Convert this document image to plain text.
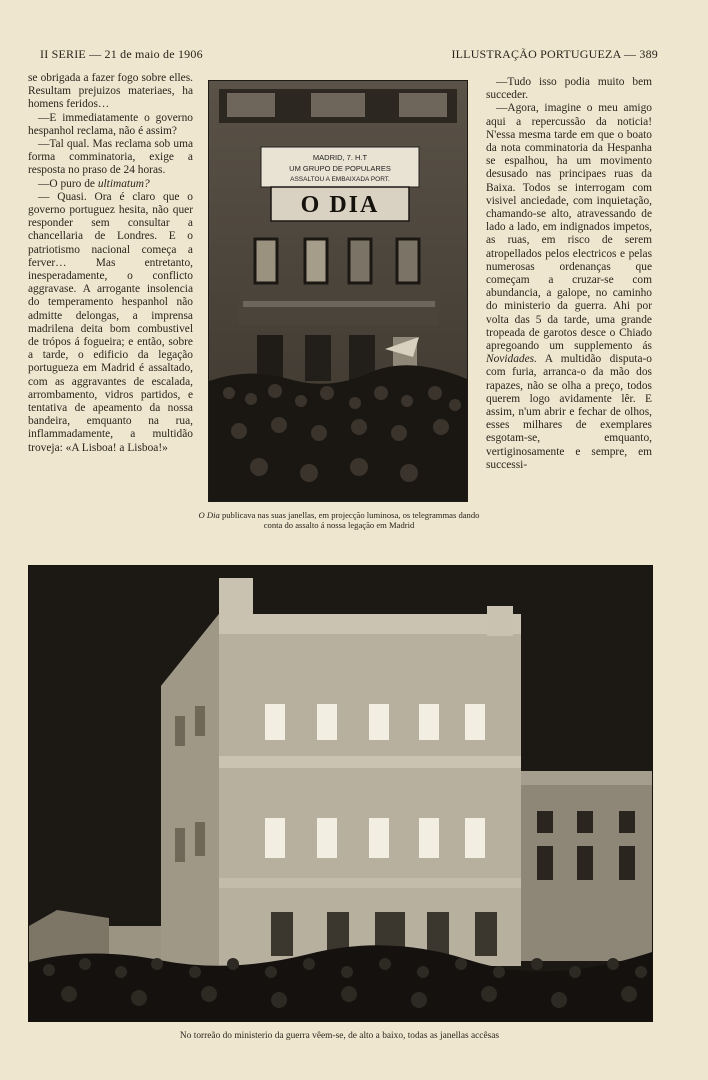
II SERIE — 21 de maio de 1906	ILLUSTRAÇÃO PORTUGUEZA — 389

se obrigada a fazer fogo sobre elles. Resultam prejuizos materiaes, ha homens feridos…

—E immediatamente o governo hespanhol reclama, não é assim?

—Tal qual. Mas reclama sob uma forma comminatoria, exige a resposta no praso de 24 horas.

—O puro de ultimatum?

— Quasi. Ora é claro que o governo portuguez hesita, não quer responder sem consultar a chancellaria de Londres. E o patriotismo nacional começa a ferver… Mas entretanto, inesperadamente, o conflicto aggravase. A arrogante insolencia do temperamento hespanhol não admitte delongas, a imprensa madrilena deita bom combustivel de trópos á fogueira; e então, sobre a tarde, o edificio da legação portugueza em Madrid é assaltado, com as aggravantes de escalada, arrombamento, vidros partidos, e tentativa de apeamento da nossa bandeira, emquanto na rua, inflammadamente, a multidão troveja: «A Lisboa! a Lisboa!»

MADRID, 7. H.T
UM GRUPO DE POPULARES
ASSALTOU A EMBAIXADA PORT.
O DIA
O Dia publicava nas suas janellas, em projecção luminosa, os telegrammas dando conta do assalto á nossa legação em Madrid

—Tudo isso podia muito bem succeder.

—Agora, imagine o meu amigo aqui a repercussão da noticia! N'essa mesma tarde em que o boato da nota comminatoria da Hespanha se espalhou, ha um movimento desusado nas principaes ruas da Baixa. Todos se interrogam com visivel anciedade, com inquietação, chamando-se alto, atravessando de lado a lado, em indignados impetos, as ruas, em risco de serem atropellados pelos electricos e pelas numerosas ordenanças que começam a cruzar-se com abundancia, a galope, no caminho do ministerio da guerra. Ahi por volta das 5 da tarde, uma grande tropeada de garotos desce o Chiado apregoando um supplemento ás Novidades. A multidão disputa-o com furia, arranca-o da mão dos rapazes, não se olha a preço, todos querem logo avidamente lêr. E assim, n'um abrir e fechar de olhos, esses milhares de exemplares esgotam-se, emquanto, vertiginosamente e sempre, em successi-

No torreão do ministerio da guerra vêem-se, de alto a baixo, todas as janellas accêsas
